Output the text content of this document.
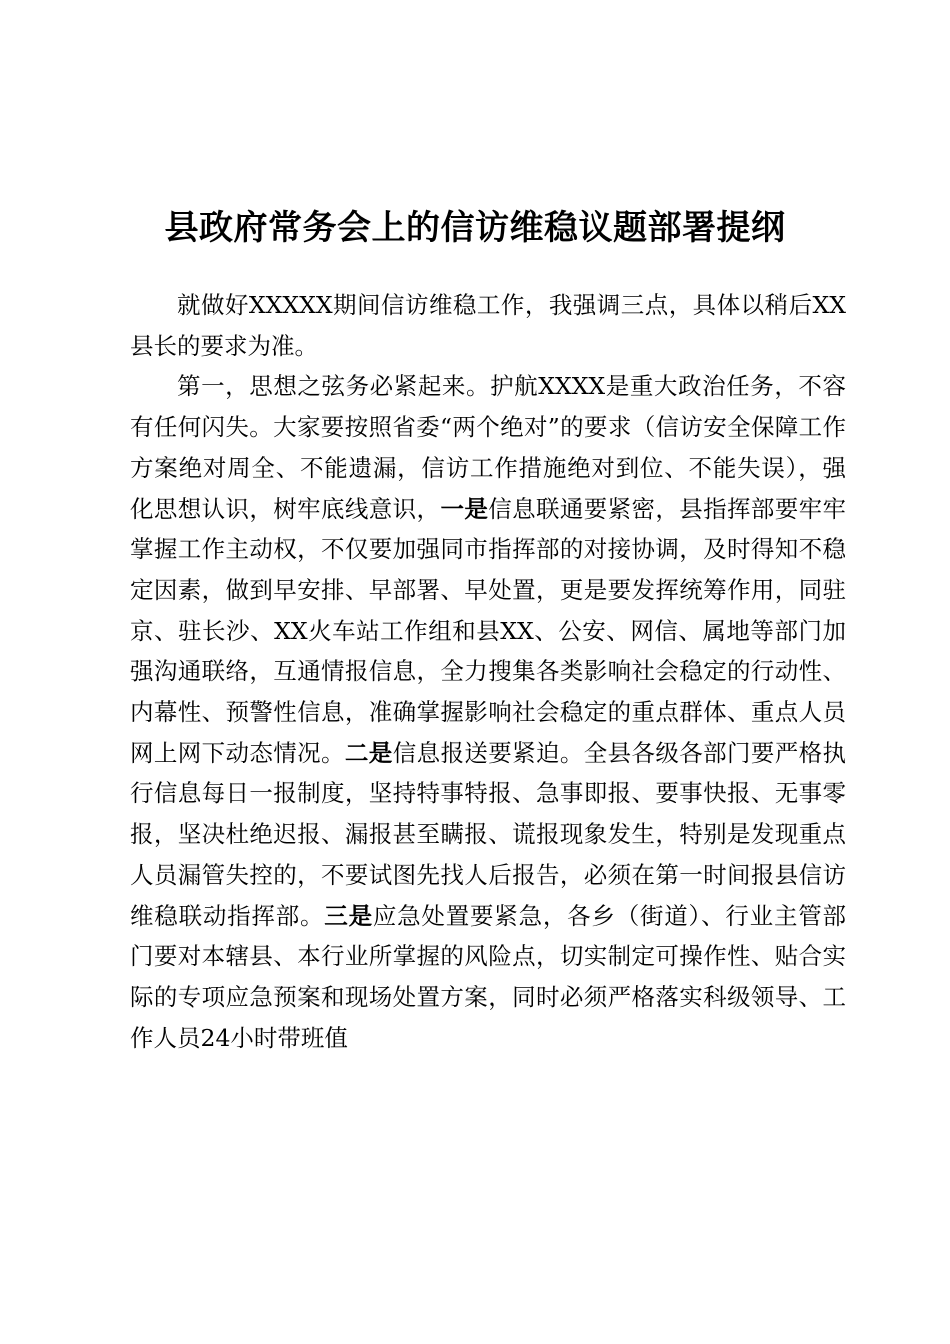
县政府常务会上的信访维稳议题部署提纲

就做好XXXXX期间信访维稳工作，我强调三点，具体以稍后XX县长的要求为准。

第一，思想之弦务必紧起来。护航XXXX是重大政治任务，不容有任何闪失。大家要按照省委“两个绝对”的要求（信访安全保障工作方案绝对周全、不能遗漏，信访工作措施绝对到位、不能失误），强化思想认识，树牢底线意识，一是信息联通要紧密，县指挥部要牢牢掌握工作主动权，不仅要加强同市指挥部的对接协调，及时得知不稳定因素，做到早安排、早部署、早处置，更是要发挥统筹作用，同驻京、驻长沙、XX火车站工作组和县XX、公安、网信、属地等部门加强沟通联络，互通情报信息，全力搜集各类影响社会稳定的行动性、内幕性、预警性信息，准确掌握影响社会稳定的重点群体、重点人员网上网下动态情况。二是信息报送要紧迫。全县各级各部门要严格执行信息每日一报制度，坚持特事特报、急事即报、要事快报、无事零报，坚决杜绝迟报、漏报甚至瞒报、谎报现象发生，特别是发现重点人员漏管失控的，不要试图先找人后报告，必须在第一时间报县信访维稳联动指挥部。三是应急处置要紧急，各乡（街道）、行业主管部门要对本辖县、本行业所掌握的风险点，切实制定可操作性、贴合实际的专项应急预案和现场处置方案，同时必须严格落实科级领导、工作人员24小时带班值
